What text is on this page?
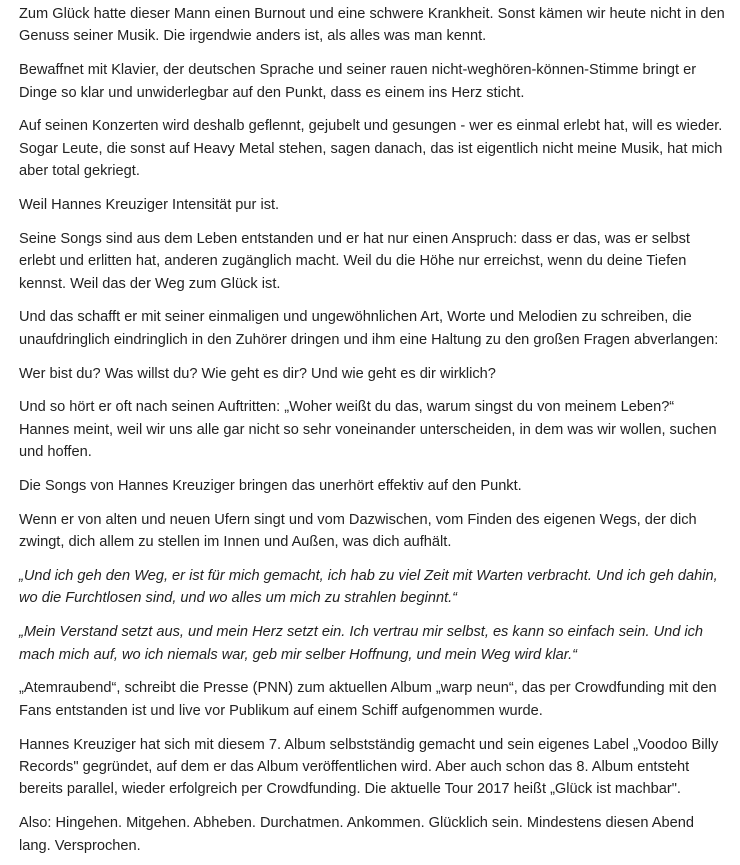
Zum Glück hatte dieser Mann einen Burnout und eine schwere Krankheit. Sonst kämen wir heute nicht in den Genuss seiner Musik. Die irgendwie anders ist, als alles was man kennt.

Bewaffnet mit Klavier, der deutschen Sprache und seiner rauen nicht-weghören-können-Stimme bringt er Dinge so klar und unwiderlegbar auf den Punkt, dass es einem ins Herz sticht.

Auf seinen Konzerten wird deshalb geflennt, gejubelt und gesungen - wer es einmal erlebt hat, will es wieder. Sogar Leute, die sonst auf Heavy Metal stehen, sagen danach, das ist eigentlich nicht meine Musik, hat mich aber total gekriegt.

Weil Hannes Kreuziger Intensität pur ist.

Seine Songs sind aus dem Leben entstanden und er hat nur einen Anspruch: dass er das, was er selbst erlebt und erlitten hat, anderen zugänglich macht. Weil du die Höhe nur erreichst, wenn du deine Tiefen kennst. Weil das der Weg zum Glück ist.

Und das schafft er mit seiner einmaligen und ungewöhnlichen Art, Worte und Melodien zu schreiben, die unaufdringlich eindringlich in den Zuhörer dringen und ihm eine Haltung zu den großen Fragen abverlangen:

Wer bist du? Was willst du? Wie geht es dir? Und wie geht es dir wirklich?

Und so hört er oft nach seinen Auftritten: „Woher weißt du das, warum singst du von meinem Leben?“ Hannes meint, weil wir uns alle gar nicht so sehr voneinander unterscheiden, in dem was wir wollen, suchen und hoffen.

Die Songs von Hannes Kreuziger bringen das unerhört effektiv auf den Punkt.

Wenn er von alten und neuen Ufern singt und vom Dazwischen, vom Finden des eigenen Wegs, der dich zwingt, dich allem zu stellen im Innen und Außen, was dich aufhält.

„Und ich geh den Weg, er ist für mich gemacht, ich hab zu viel Zeit mit Warten verbracht. Und ich geh dahin, wo die Furchtlosen sind, und wo alles um mich zu strahlen beginnt.“

„Mein Verstand setzt aus, und mein Herz setzt ein. Ich vertrau mir selbst, es kann so einfach sein. Und ich mach mich auf, wo ich niemals war, geb mir selber Hoffnung, und mein Weg wird klar.“

„Atemraubend“, schreibt die Presse (PNN) zum aktuellen Album „warp neun“, das per Crowdfunding mit den Fans entstanden ist und live vor Publikum auf einem Schiff aufgenommen wurde.

Hannes Kreuziger hat sich mit diesem 7. Album selbstständig gemacht und sein eigenes Label „Voodoo Billy Records" gegründet, auf dem er das Album veröffentlichen wird. Aber auch schon das 8. Album entsteht bereits parallel, wieder erfolgreich per Crowdfunding. Die aktuelle Tour 2017 heißt „Glück ist machbar".

Also: Hingehen. Mitgehen. Abheben. Durchatmen. Ankommen. Glücklich sein. Mindestens diesen Abend lang. Versprochen.
